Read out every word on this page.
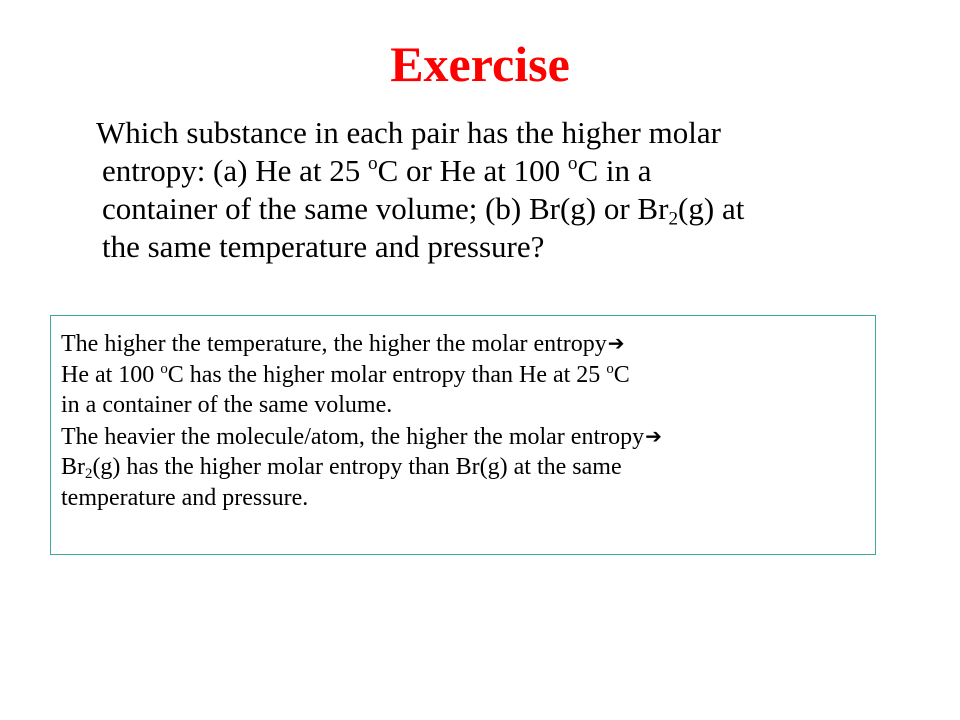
Exercise
Which substance in each pair has the higher molar
entropy: (a) He at 25 $^o$C or He at 100 $^o$C in a
container of the same volume; (b) Br(g) or $Br_2(g)$ at
the same temperature and pressure?
The higher the temperature, the higher the molar entropy➔
He at 100 $^o$C has the higher molar entropy than He at 25 $^o$C
in a container of the same volume.
The heavier the molecule/atom, the higher the molar entropy➔
$Br_2(g)$ has the higher molar entropy than Br(g) at the same
temperature and pressure.
